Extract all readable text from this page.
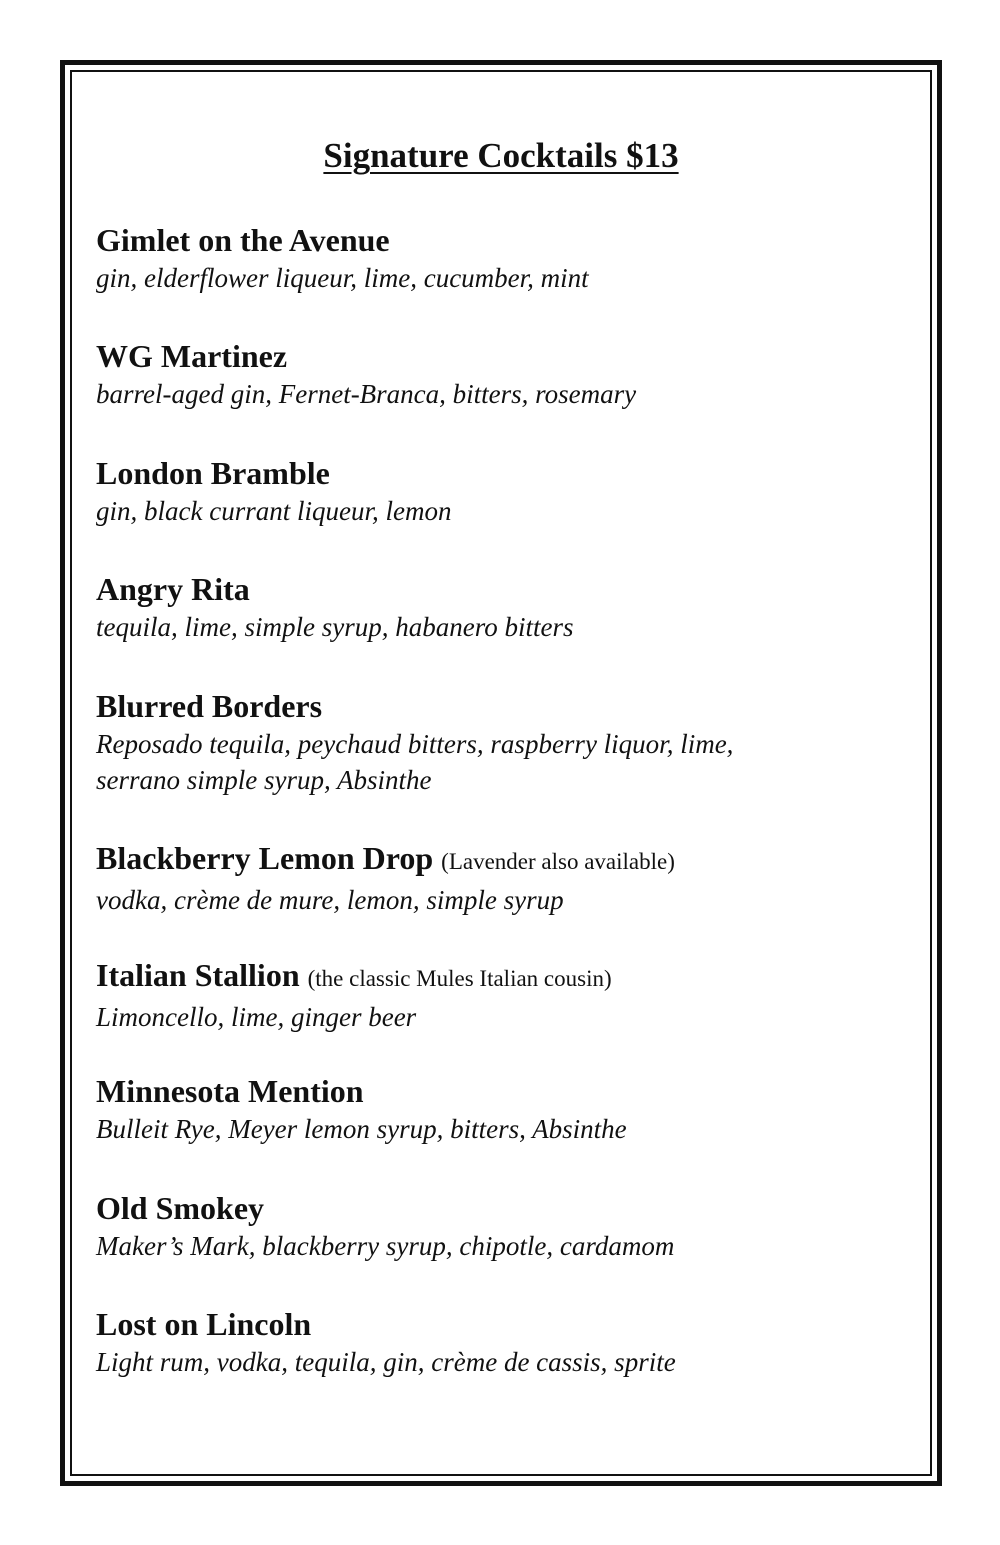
Signature Cocktails $13
Gimlet on the Avenue
gin, elderflower liqueur, lime, cucumber, mint
WG Martinez
barrel-aged gin, Fernet-Branca, bitters, rosemary
London Bramble
gin, black currant liqueur, lemon
Angry Rita
tequila, lime, simple syrup, habanero bitters
Blurred Borders
Reposado tequila, peychaud bitters, raspberry liquor, lime,
serrano simple syrup, Absinthe
Blackberry Lemon Drop (Lavender also available)
vodka, crème de mure, lemon, simple syrup
Italian Stallion (the classic Mules Italian cousin)
Limoncello, lime, ginger beer
Minnesota Mention
Bulleit Rye, Meyer lemon syrup, bitters, Absinthe
Old Smokey
Maker’s Mark, blackberry syrup, chipotle, cardamom
Lost on Lincoln
Light rum, vodka, tequila, gin, crème de cassis, sprite
